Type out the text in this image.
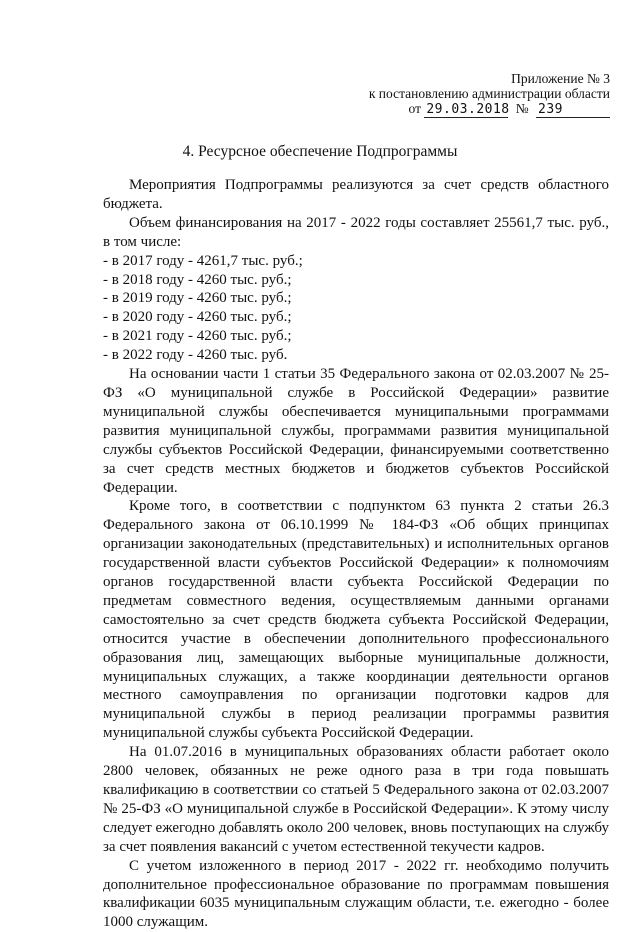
Приложение № 3
к постановлению администрации области
от 29.03.2018 № 239
4. Ресурсное обеспечение Подпрограммы

Мероприятия Подпрограммы реализуются за счет средств областного бюджета.

Объем финансирования на 2017 - 2022 годы составляет 25561,7 тыс. руб., в том числе:

- в 2017 году - 4261,7 тыс. руб.;

- в 2018 году - 4260 тыс. руб.;

- в 2019 году - 4260 тыс. руб.;

- в 2020 году - 4260 тыс. руб.;

- в 2021 году - 4260 тыс. руб.;

- в 2022 году - 4260 тыс. руб.

На основании части 1 статьи 35 Федерального закона от 02.03.2007 № 25-ФЗ «О муниципальной службе в Российской Федерации» развитие муниципальной службы обеспечивается муниципальными программами развития муниципальной службы, программами развития муниципальной службы субъектов Российской Федерации, финансируемыми соответственно за счет средств местных бюджетов и бюджетов субъектов Российской Федерации.

Кроме того, в соответствии с подпунктом 63 пункта 2 статьи 26.3 Федерального закона от 06.10.1999 № 184-ФЗ «Об общих принципах организации законодательных (представительных) и исполнительных органов государственной власти субъектов Российской Федерации» к полномочиям органов государственной власти субъекта Российской Федерации по предметам совместного ведения, осуществляемым данными органами самостоятельно за счет средств бюджета субъекта Российской Федерации, относится участие в обеспечении дополнительного профессионального образования лиц, замещающих выборные муниципальные должности, муниципальных служащих, а также координации деятельности органов местного самоуправления по организации подготовки кадров для муниципальной службы в период реализации программы развития муниципальной службы субъекта Российской Федерации.

На 01.07.2016 в муниципальных образованиях области работает около 2800 человек, обязанных не реже одного раза в три года повышать квалификацию в соответствии со статьей 5 Федерального закона от 02.03.2007 № 25-ФЗ «О муниципальной службе в Российской Федерации». К этому числу следует ежегодно добавлять около 200 человек, вновь поступающих на службу за счет появления вакансий с учетом естественной текучести кадров.

С учетом изложенного в период 2017 - 2022 гг. необходимо получить дополнительное профессиональное образование по программам повышения квалификации 6035 муниципальным служащим области, т.е. ежегодно - более 1000 служащим.
